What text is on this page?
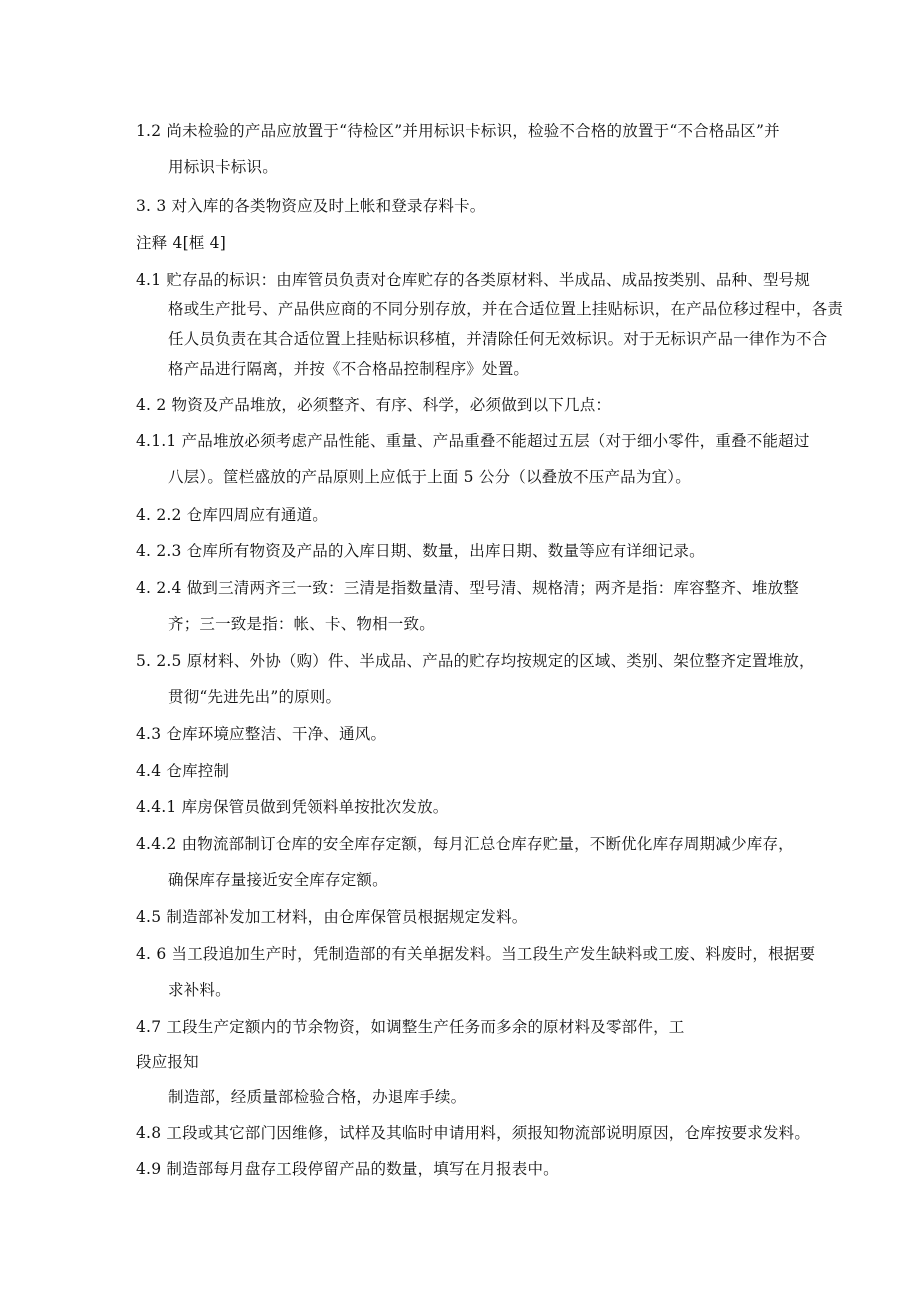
1.2 尚未检验的产品应放置于“待检区”并用标识卡标识，检验不合格的放置于“不合格品区”并
用标识卡标识。
3. 3 对入库的各类物资应及时上帐和登录存料卡。
注释 4[框 4]
4.1 贮存品的标识：由库管员负责对仓库贮存的各类原材料、半成品、成品按类别、品种、型号规
格或生产批号、产品供应商的不同分别存放，并在合适位置上挂贴标识，在产品位移过程中，各责
任人员负责在其合适位置上挂贴标识移植，并清除任何无效标识。对于无标识产品一律作为不合
格产品进行隔离，并按《不合格品控制程序》处置。
4. 2 物资及产品堆放，必须整齐、有序、科学，必须做到以下几点：
4.1.1 产品堆放必须考虑产品性能、重量、产品重叠不能超过五层（对于细小零件，重叠不能超过
八层）。筐栏盛放的产品原则上应低于上面 5 公分（以叠放不压产品为宜）。
4. 2.2 仓库四周应有通道。
4. 2.3 仓库所有物资及产品的入库日期、数量，出库日期、数量等应有详细记录。
4. 2.4 做到三清两齐三一致：三清是指数量清、型号清、规格清；两齐是指：库容整齐、堆放整
齐；三一致是指：帐、卡、物相一致。
5. 2.5 原材料、外协（购）件、半成品、产品的贮存均按规定的区域、类别、架位整齐定置堆放，
贯彻“先进先出”的原则。
4.3 仓库环境应整洁、干净、通风。
4.4 仓库控制
4.4.1 库房保管员做到凭领料单按批次发放。
4.4.2 由物流部制订仓库的安全库存定额，每月汇总仓库存贮量，不断优化库存周期减少库存，
确保库存量接近安全库存定额。
4.5 制造部补发加工材料，由仓库保管员根据规定发料。
4. 6 当工段追加生产时，凭制造部的有关单据发料。当工段生产发生缺料或工废、料废时，根据要
求补料。
4.7 工段生产定额内的节余物资，如调整生产任务而多余的原材料及零部件，工
段应报知
制造部，经质量部检验合格，办退库手续。
4.8 工段或其它部门因维修，试样及其临时申请用料，须报知物流部说明原因，仓库按要求发料。
4.9 制造部每月盘存工段停留产品的数量，填写在月报表中。
